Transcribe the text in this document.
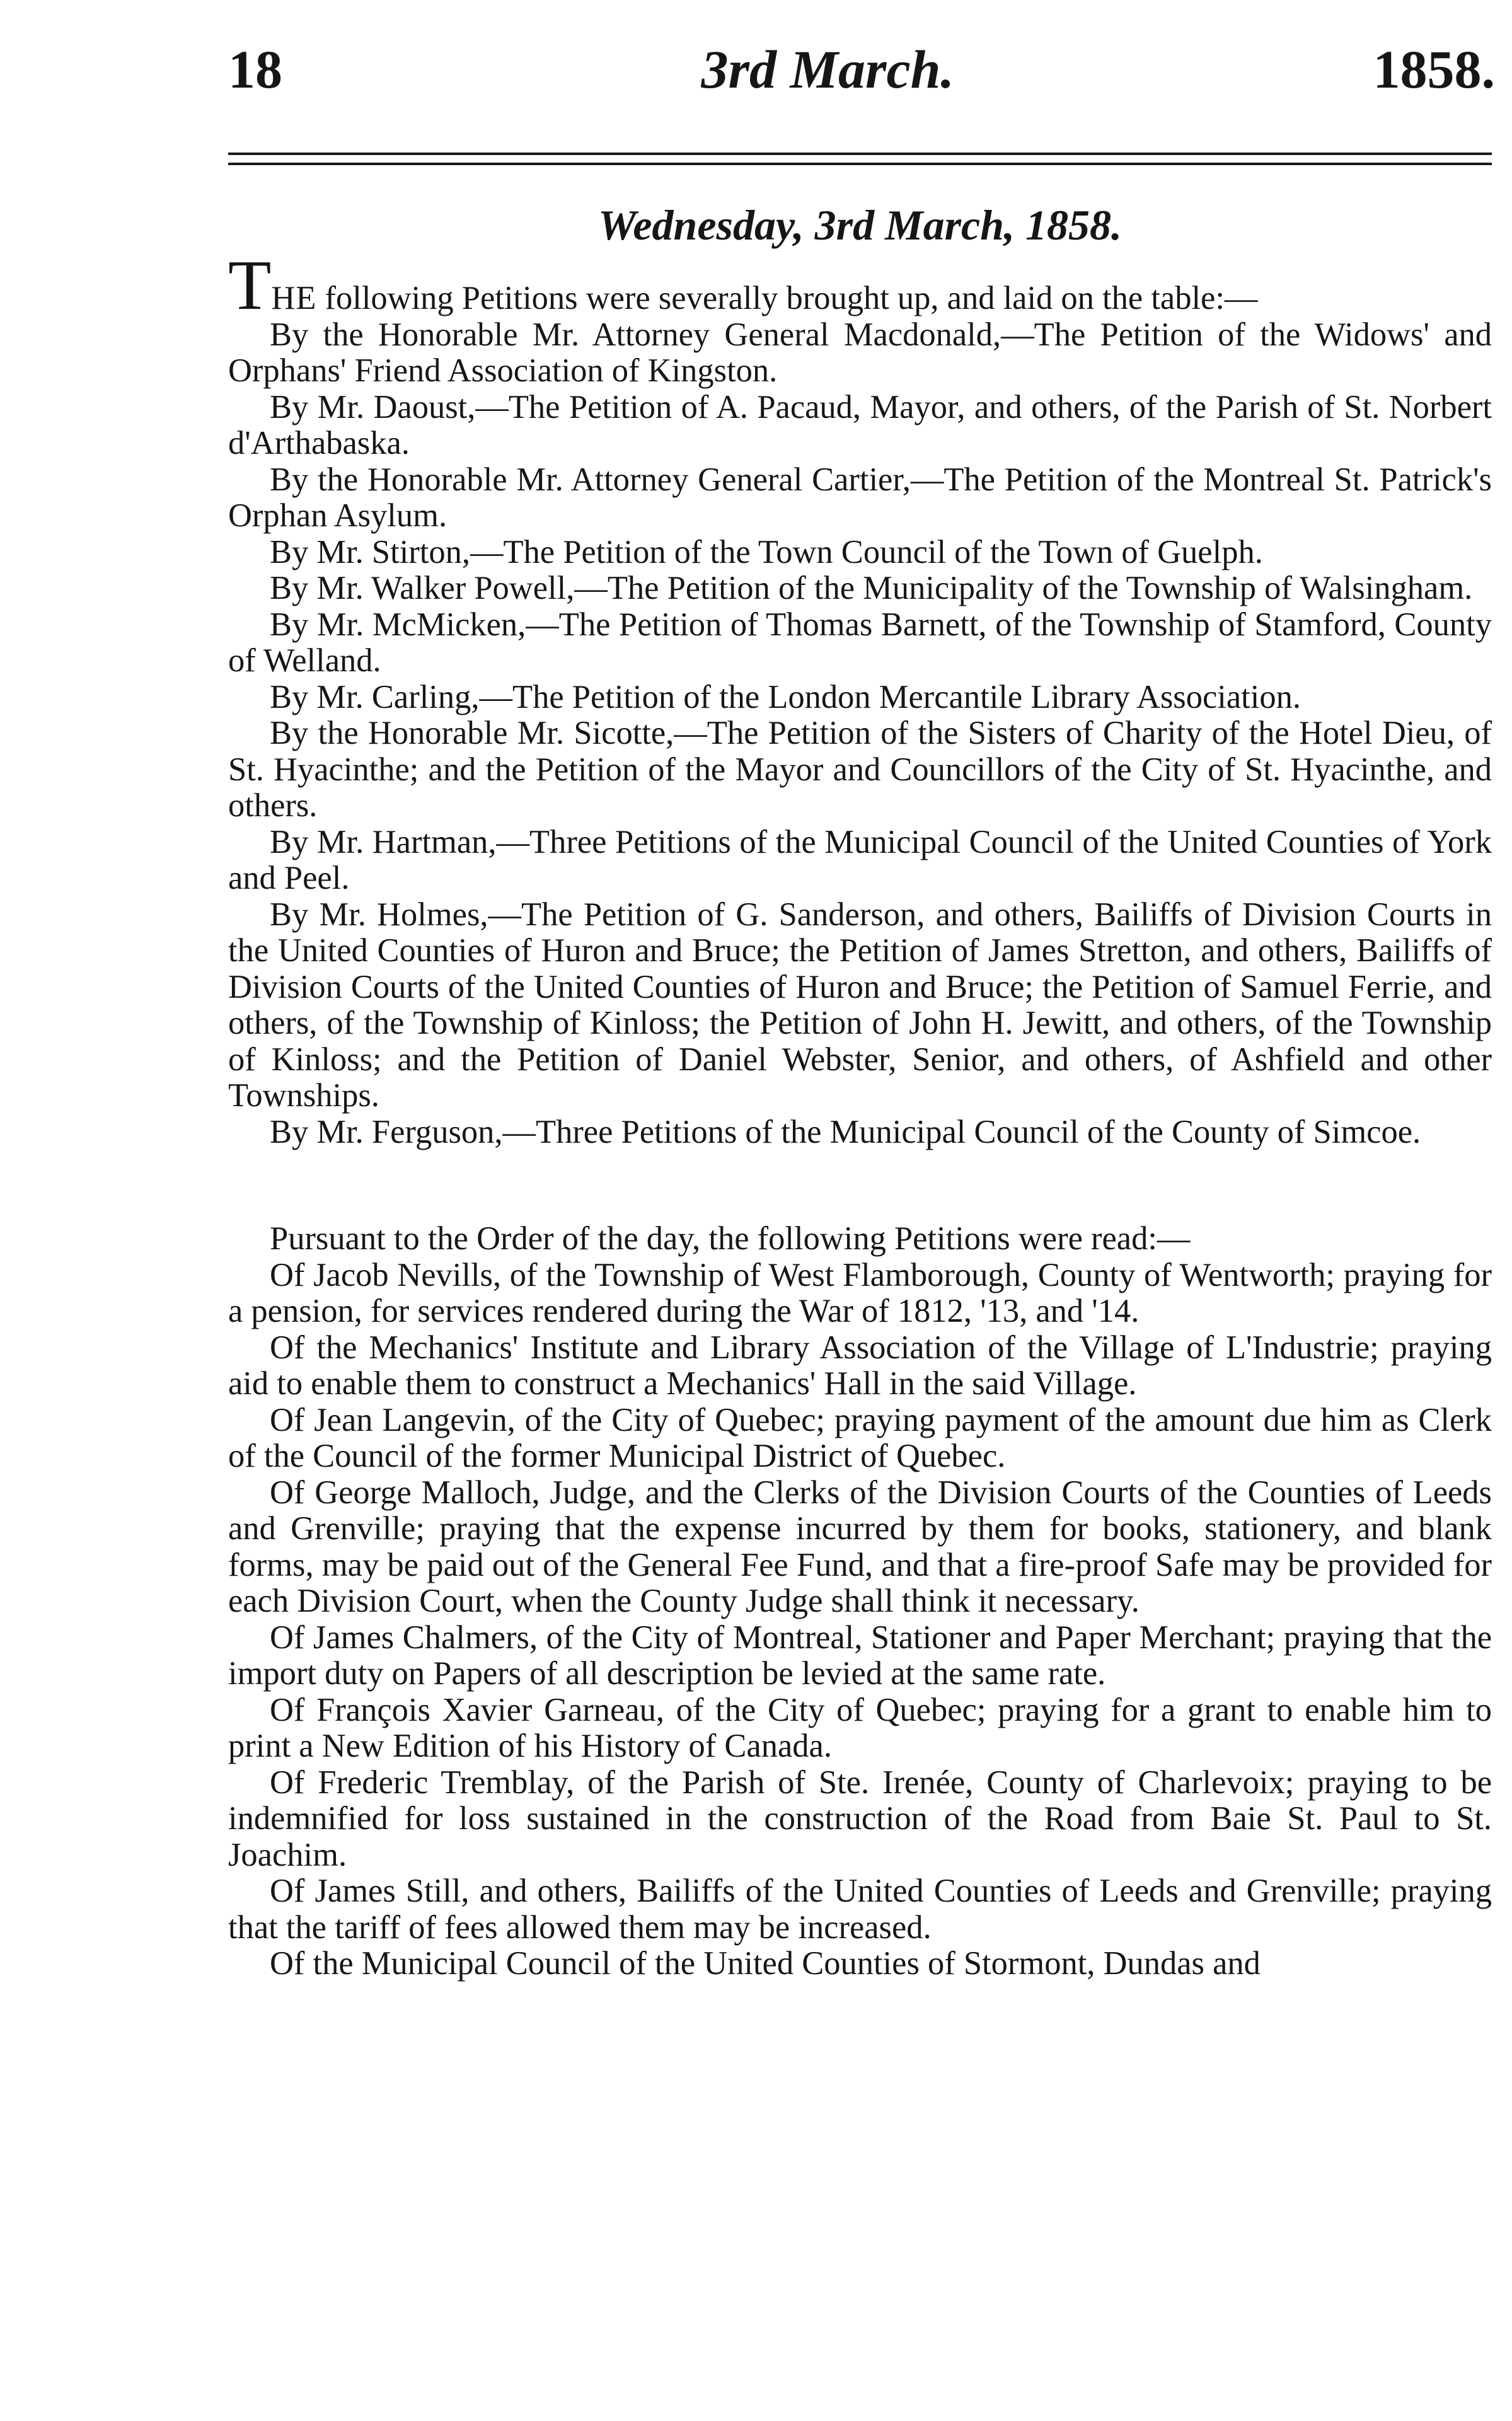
18	3rd March.	1858.
Wednesday, 3rd March, 1858.

THE following Petitions were severally brought up, and laid on the table:—

By the Honorable Mr. Attorney General Macdonald,—The Petition of the Widows' and Orphans' Friend Association of Kingston.

By Mr. Daoust,—The Petition of A. Pacaud, Mayor, and others, of the Parish of St. Norbert d'Arthabaska.

By the Honorable Mr. Attorney General Cartier,—The Petition of the Montreal St. Patrick's Orphan Asylum.

By Mr. Stirton,—The Petition of the Town Council of the Town of Guelph.

By Mr. Walker Powell,—The Petition of the Municipality of the Township of Walsingham.

By Mr. McMicken,—The Petition of Thomas Barnett, of the Township of Stamford, County of Welland.

By Mr. Carling,—The Petition of the London Mercantile Library Association.

By the Honorable Mr. Sicotte,—The Petition of the Sisters of Charity of the Hotel Dieu, of St. Hyacinthe; and the Petition of the Mayor and Councillors of the City of St. Hyacinthe, and others.

By Mr. Hartman,—Three Petitions of the Municipal Council of the United Counties of York and Peel.

By Mr. Holmes,—The Petition of G. Sanderson, and others, Bailiffs of Division Courts in the United Counties of Huron and Bruce; the Petition of James Stretton, and others, Bailiffs of Division Courts of the United Counties of Huron and Bruce; the Petition of Samuel Ferrie, and others, of the Township of Kinloss; the Petition of John H. Jewitt, and others, of the Township of Kinloss; and the Petition of Daniel Webster, Senior, and others, of Ashfield and other Townships.

By Mr. Ferguson,—Three Petitions of the Municipal Council of the County of Simcoe.

Pursuant to the Order of the day, the following Petitions were read:—

Of Jacob Nevills, of the Township of West Flamborough, County of Wentworth; praying for a pension, for services rendered during the War of 1812, '13, and '14.

Of the Mechanics' Institute and Library Association of the Village of L'Industrie; praying aid to enable them to construct a Mechanics' Hall in the said Village.

Of Jean Langevin, of the City of Quebec; praying payment of the amount due him as Clerk of the Council of the former Municipal District of Quebec.

Of George Malloch, Judge, and the Clerks of the Division Courts of the Counties of Leeds and Grenville; praying that the expense incurred by them for books, stationery, and blank forms, may be paid out of the General Fee Fund, and that a fire-proof Safe may be provided for each Division Court, when the County Judge shall think it necessary.

Of James Chalmers, of the City of Montreal, Stationer and Paper Merchant; praying that the import duty on Papers of all description be levied at the same rate.

Of François Xavier Garneau, of the City of Quebec; praying for a grant to enable him to print a New Edition of his History of Canada.

Of Frederic Tremblay, of the Parish of Ste. Irenée, County of Charlevoix; praying to be indemnified for loss sustained in the construction of the Road from Baie St. Paul to St. Joachim.

Of James Still, and others, Bailiffs of the United Counties of Leeds and Grenville; praying that the tariff of fees allowed them may be increased.

Of the Municipal Council of the United Counties of Stormont, Dundas and
